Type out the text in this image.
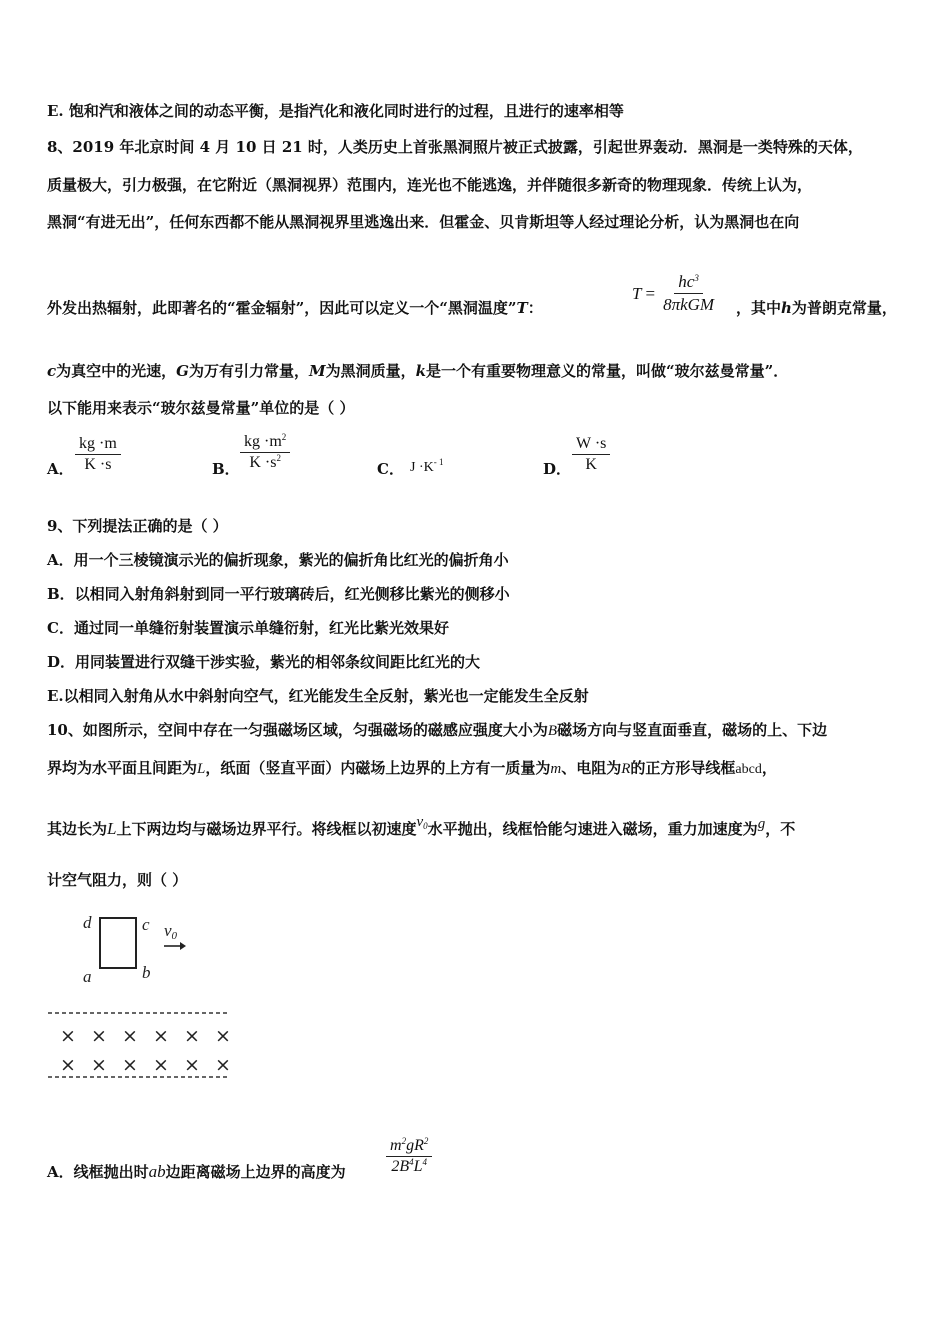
E. 饱和汽和液体之间的动态平衡，是指汽化和液化同时进行的过程，且进行的速率相等
8、2019 年北京时间 4 月 10 日 21 时，人类历史上首张黑洞照片被正式披露，引起世界轰动．黑洞是一类特殊的天体，
质量极大，引力极强，在它附近（黑洞视界）范围内，连光也不能逃逸，并伴随很多新奇的物理现象．传统上认为，
黑洞“有进无出”，任何东西都不能从黑洞视界里逃逸出来．但霍金、贝肯斯坦等人经过理论分析，认为黑洞也在向
外发出热辐射，此即著名的“霍金辐射”，因此可以定义一个“黑洞温度”T：
$T = \frac{hc^3}{\text{8πkGM}}$ ，其中h为普朗克常量，
c为真空中的光速，G为万有引力常量，M为黑洞质量，k是一个有重要物理意义的常量，叫做“玻尔兹曼常量”．
以下能用来表示“玻尔兹曼常量”单位的是（ ）
A． $\frac{kg \cdot m}{K \cdot s}$	B． $\frac{kg \cdot m^2}{K \cdot s^2}$	C． $J \cdot K^{- 1}$	D． $\frac{W \cdot s}{K}$
9、下列提法正确的是（ ）
A．用一个三棱镜演示光的偏折现象，紫光的偏折角比红光的偏折角小
B．以相同入射角斜射到同一平行玻璃砖后，红光侧移比紫光的侧移小
C．通过同一单缝衍射装置演示单缝衍射，红光比紫光效果好
D．用同装置进行双缝干涉实验，紫光的相邻条纹间距比红光的大
E.以相同入射角从水中斜射向空气，红光能发生全反射，紫光也一定能发生全反射
10、如图所示，空间中存在一匀强磁场区域，匀强磁场的磁感应强度大小为B磁场方向与竖直面垂直，磁场的上、下边
界均为水平面且间距为L，纸面（竖直平面）内磁场上边界的上方有一质量为m、电阻为R的正方形导线框abcd，
其边长为L上下两边均与磁场边界平行。将线框以初速度$v_0$水平抛出，线框恰能匀速进入磁场，重力加速度为g，不
计空气阻力，则（ ）
d	c
a	b
v0
× × × × × ×
× × × × × ×
A．线框抛出时ab边距离磁场上边界的高度为	$\frac{m^2gR^2}{2B^4L^4}$
